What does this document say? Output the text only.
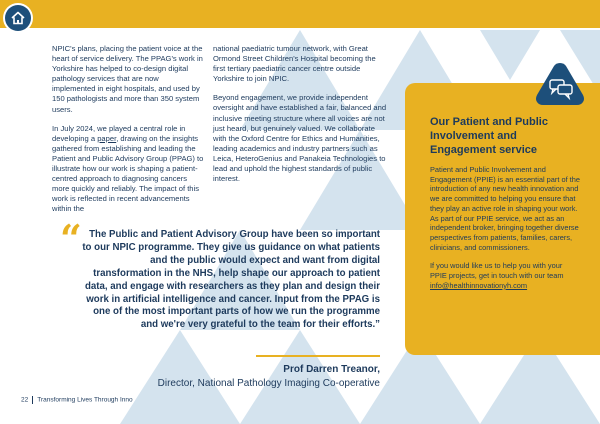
NPIC's plans, placing the patient voice at the heart of service delivery. The PPAG's work in Yorkshire has helped to co-design digital pathology services that are now implemented in eight hospitals, and used by 150 pathologists and more than 350 system users.

In July 2024, we played a central role in developing a paper, drawing on the insights gathered from establishing and leading the Patient and Public Advisory Group (PPAG) to illustrate how our work is shaping a patient-centred approach to diagnosing cancers more quickly and reliably. The impact of this work is reflected in recent advancements within the

national paediatric tumour network, with Great Ormond Street Children's Hospital becoming the first tertiary paediatric cancer centre outside Yorkshire to join NPIC.

Beyond engagement, we provide independent oversight and have established a fair, balanced and inclusive meeting structure where all voices are not just heard, but genuinely valued. We collaborate with the Oxford Centre for Ethics and Humanities, leading academics and industry partners such as Leica, HeteroGenius and Panakeia Technologies to lead and uphold the highest standards of public interest.

“ The Public and Patient Advisory Group have been so important to our NPIC programme. They give us guidance on what patients and the public would expect and want from digital transformation in the NHS, help shape our approach to patient data, and engage with researchers as they plan and design their work in artificial intelligence and cancer. Input from the PPAG is one of the most important parts of how we run the programme and we're very grateful to the team for their efforts.”
Prof Darren Treanor,
Director, National Pathology Imaging Co-operative
Our Patient and Public Involvement and Engagement service

Patient and Public Involvement and Engagement (PPIE) is an essential part of the introduction of any new health innovation and we are committed to helping you ensure that they play an active role in shaping your work. As part of our PPIE service, we act as an independent broker, bringing together diverse perspectives from patients, families, carers, clinicians, and commissioners.

If you would like us to help you with your PPIE projects, get in touch with our team

info@healthinnovationyh.com
22 Transforming Lives Through Inno
